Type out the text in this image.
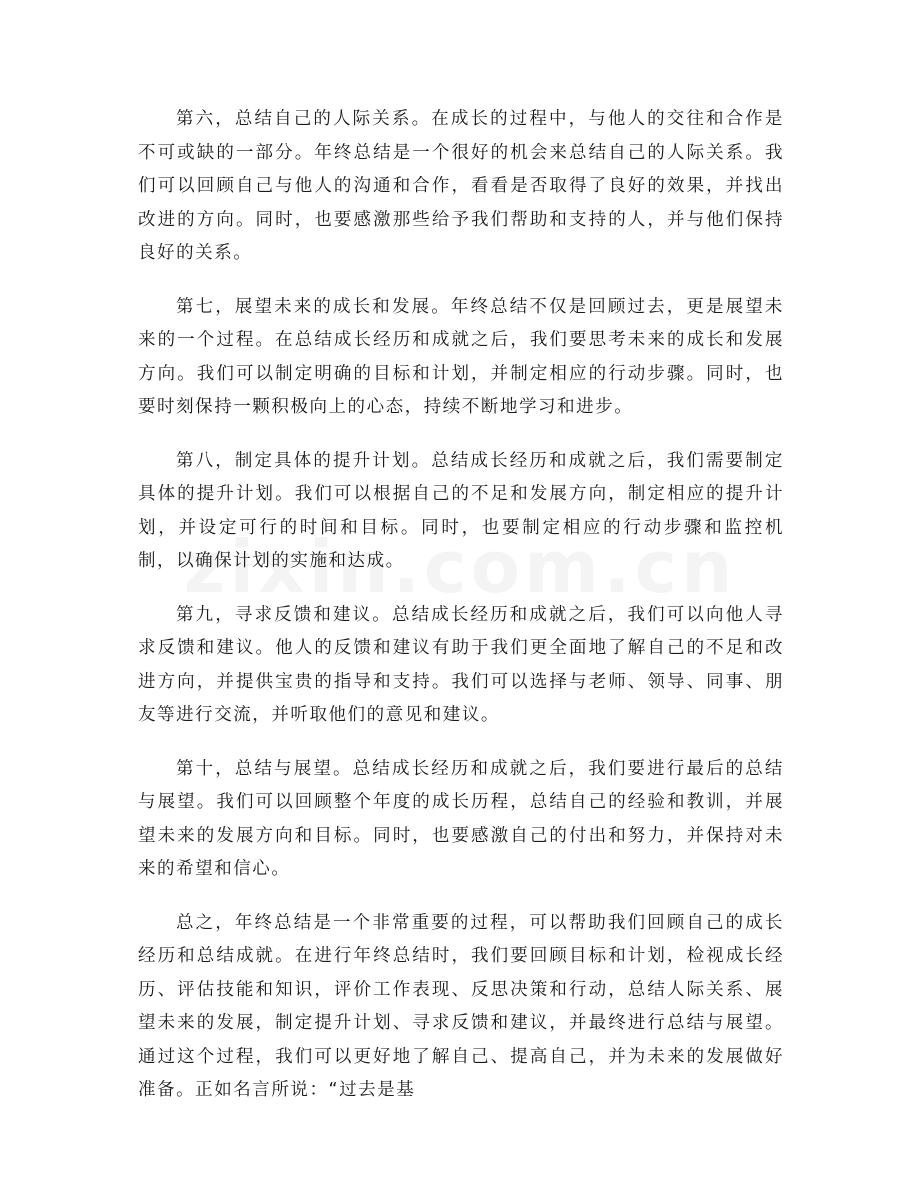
第六，总结自己的人际关系。在成长的过程中，与他人的交往和合作是不可或缺的一部分。年终总结是一个很好的机会来总结自己的人际关系。我们可以回顾自己与他人的沟通和合作，看看是否取得了良好的效果，并找出改进的方向。同时，也要感激那些给予我们帮助和支持的人，并与他们保持良好的关系。

第七，展望未来的成长和发展。年终总结不仅是回顾过去，更是展望未来的一个过程。在总结成长经历和成就之后，我们要思考未来的成长和发展方向。我们可以制定明确的目标和计划，并制定相应的行动步骤。同时，也要时刻保持一颗积极向上的心态，持续不断地学习和进步。

第八，制定具体的提升计划。总结成长经历和成就之后，我们需要制定具体的提升计划。我们可以根据自己的不足和发展方向，制定相应的提升计划，并设定可行的时间和目标。同时，也要制定相应的行动步骤和监控机制，以确保计划的实施和达成。

第九，寻求反馈和建议。总结成长经历和成就之后，我们可以向他人寻求反馈和建议。他人的反馈和建议有助于我们更全面地了解自己的不足和改进方向，并提供宝贵的指导和支持。我们可以选择与老师、领导、同事、朋友等进行交流，并听取他们的意见和建议。

第十，总结与展望。总结成长经历和成就之后，我们要进行最后的总结与展望。我们可以回顾整个年度的成长历程，总结自己的经验和教训，并展望未来的发展方向和目标。同时，也要感激自己的付出和努力，并保持对未来的希望和信心。

总之，年终总结是一个非常重要的过程，可以帮助我们回顾自己的成长经历和总结成就。在进行年终总结时，我们要回顾目标和计划，检视成长经历、评估技能和知识，评价工作表现、反思决策和行动，总结人际关系、展望未来的发展，制定提升计划、寻求反馈和建议，并最终进行总结与展望。通过这个过程，我们可以更好地了解自己、提高自己，并为未来的发展做好准备。正如名言所说：“过去是基
